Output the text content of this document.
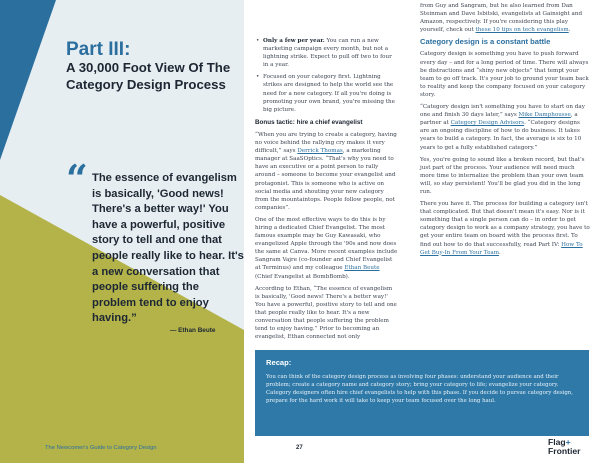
Part III:
A 30,000 Foot View Of The Category Design Process
“ The essence of evangelism is basically, 'Good news! There's a better way!' You have a powerful, positive story to tell and one that people really like to hear. It's a new conversation that people suffering the problem tend to enjoy having.”
— Ethan Beute
• Only a few per year. You can run a new marketing campaign every month, but not a lightning strike. Expect to pull off two to four in a year.
• Focused on your category first. Lightning strikes are designed to help the world see the need for a new category. If all you're doing is promoting your own brand, you're missing the big picture.
Bonus tactic: hire a chief evangelist

“When you are trying to create a category, having no voice behind the rallying cry makes it very difficult,” says Derrick Thomas, a marketing manager at SaaSOptics. “That's why you need to have an executive or a point person to rally around – someone to become your evangelist and protagonist. This is someone who is active on social media and shouting your new category from the mountaintops. People follow people, not companies”.

One of the most effective ways to do this is by hiring a dedicated Chief Evangelist. The most famous example may be Guy Kawasaki, who evangelized Apple through the '90s and now does the same at Canva. More recent examples include Sangram Vajre (co-founder and Chief Evangelist at Terminus) and my colleague Ethan Beute (Chief Evangelist at BombBomb).

According to Ethan, “The essence of evangelism is basically, 'Good news! There's a better way!' You have a powerful, positive story to tell and one that people really like to hear. It's a new conversation that people suffering the problem tend to enjoy having.” Prior to becoming an evangelist, Ethan connected not only

from Guy and Sangram, but he also learned from Dan Steinman and Dave Isbitski, evangelists at Gainsight and Amazon, respectively. If you're considering this play yourself, check out these 10 tips on tech evangelism.

Category design is a constant battle

Category design is something you have to push forward every day – and for a long period of time. There will always be distractions and “shiny new objects” that tempt your team to go off track. It's your job to ground your team back to reality and keep the company focused on your category story.

“Category design isn't something you have to start on day one and finish 30 days later,” says Mike Damphousse, a partner at Category Design Advisors. “Category designs are an ongoing discipline of how to do business. It takes years to build a category. In fact, the average is six to 10 years to get a fully established category.”

Yes, you're going to sound like a broken record, but that's just part of the process. Your audience will need much more time to internalize the problem than your own team will, so stay persistent! You'll be glad you did in the long run.

There you have it. The process for building a category isn't that complicated. But that doesn't mean it's easy. Nor is it something that a single person can do – in order to get category design to work as a company strategy, you have to get your entire team on board with the process first. To find out how to do that successfully, read Part IV: How To Get Buy-In From Your Team.

Recap:

You can think of the category design process as involving four phases: understand your audience and their problem; create a category name and category story; bring your category to life; evangelize your category. Category designers often hire chief evangelists to help with this phase. If you decide to pursue category design, prepare for the hard work it will take to keep your team focused over the long haul.

The Newcomer's Guide to Category Design	27
Flag+
Frontier
